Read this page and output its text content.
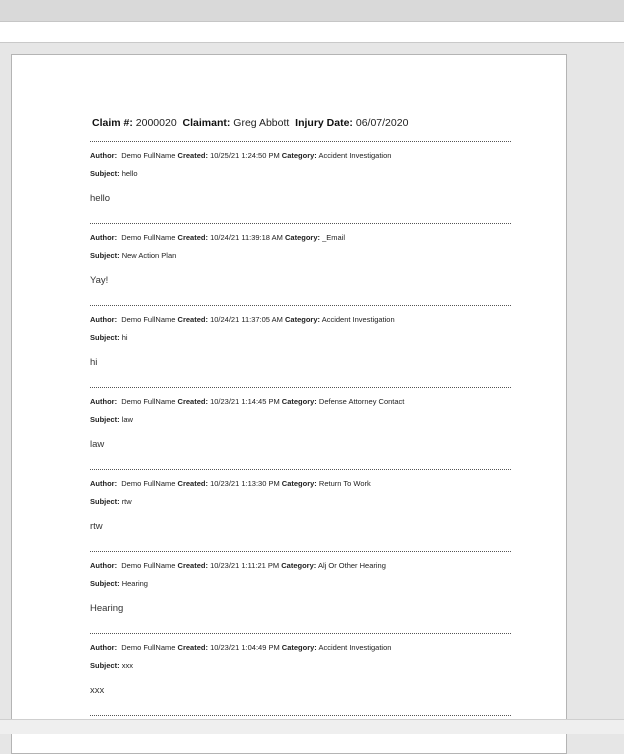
Claim #: 2000020 Claimant: Greg Abbott Injury Date: 06/07/2020
Author: Demo FullName Created: 10/25/21 1:24:50 PM Category: Accident Investigation
Subject: hello
hello
Author: Demo FullName Created: 10/24/21 11:39:18 AM Category: _Email
Subject: New Action Plan
Yay!
Author: Demo FullName Created: 10/24/21 11:37:05 AM Category: Accident Investigation
Subject: hi
hi
Author: Demo FullName Created: 10/23/21 1:14:45 PM Category: Defense Attorney Contact
Subject: law
law
Author: Demo FullName Created: 10/23/21 1:13:30 PM Category: Return To Work
Subject: rtw
rtw
Author: Demo FullName Created: 10/23/21 1:11:21 PM Category: Alj Or Other Hearing
Subject: Hearing
Hearing
Author: Demo FullName Created: 10/23/21 1:04:49 PM Category: Accident Investigation
Subject: xxx
xxx
